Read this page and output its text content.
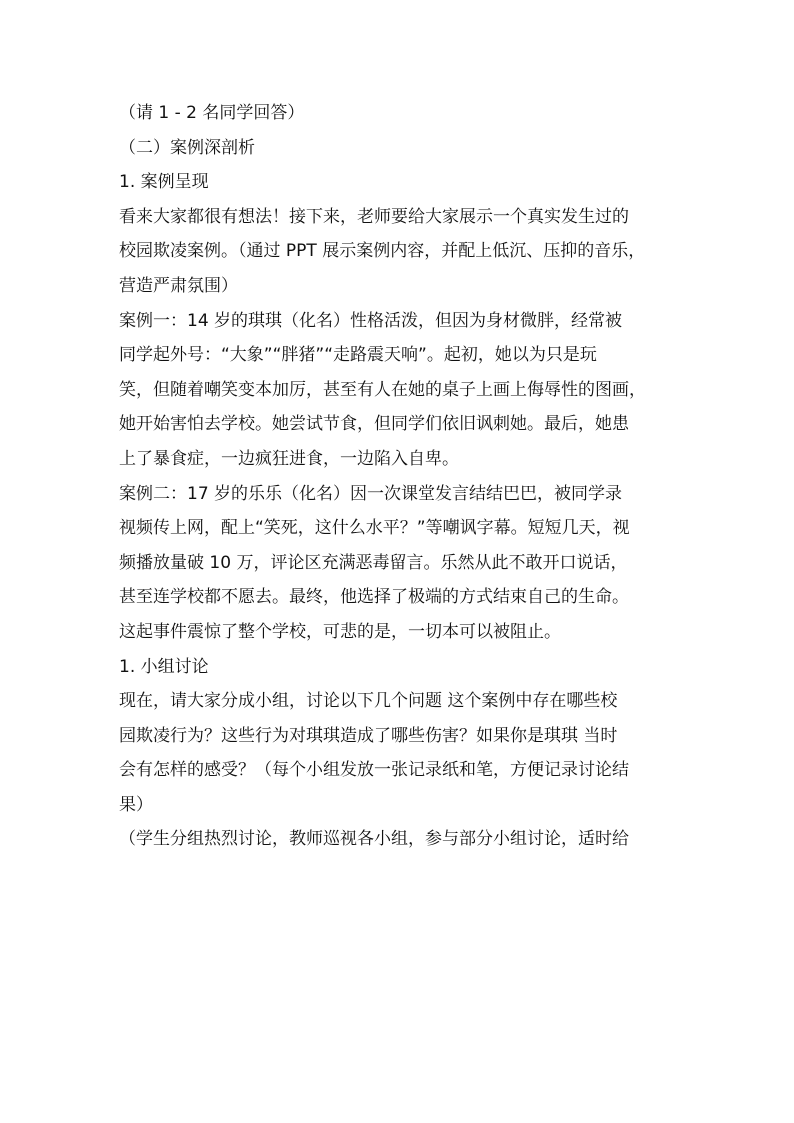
（请 1 - 2 名同学回答）
（二）案例深剖析
1. 案例呈现
看来大家都很有想法！接下来，老师要给大家展示一个真实发生过的
校园欺凌案例。（通过 PPT 展示案例内容，并配上低沉、压抑的音乐，
营造严肃氛围）
案例一：14 岁的琪琪（化名）性格活泼，但因为身材微胖，经常被
同学起外号：“大象”“胖猪”“走路震天响”。起初，她以为只是玩
笑，但随着嘲笑变本加厉，甚至有人在她的桌子上画上侮辱性的图画，
她开始害怕去学校。她尝试节食，但同学们依旧讽刺她。最后，她患
上了暴食症，一边疯狂进食，一边陷入自卑。
案例二：17 岁的乐乐（化名）因一次课堂发言结结巴巴，被同学录
视频传上网，配上“笑死，这什么水平？”等嘲讽字幕。短短几天，视
频播放量破 10 万，评论区充满恶毒留言。乐然从此不敢开口说话，
甚至连学校都不愿去。最终，他选择了极端的方式结束自己的生命。
这起事件震惊了整个学校，可悲的是，一切本可以被阻止。
1. 小组讨论
现在，请大家分成小组，讨论以下几个问题 这个案例中存在哪些校
园欺凌行为？这些行为对琪琪造成了哪些伤害？如果你是琪琪 当时
会有怎样的感受？（每个小组发放一张记录纸和笔，方便记录讨论结
果）
（学生分组热烈讨论，教师巡视各小组，参与部分小组讨论，适时给
